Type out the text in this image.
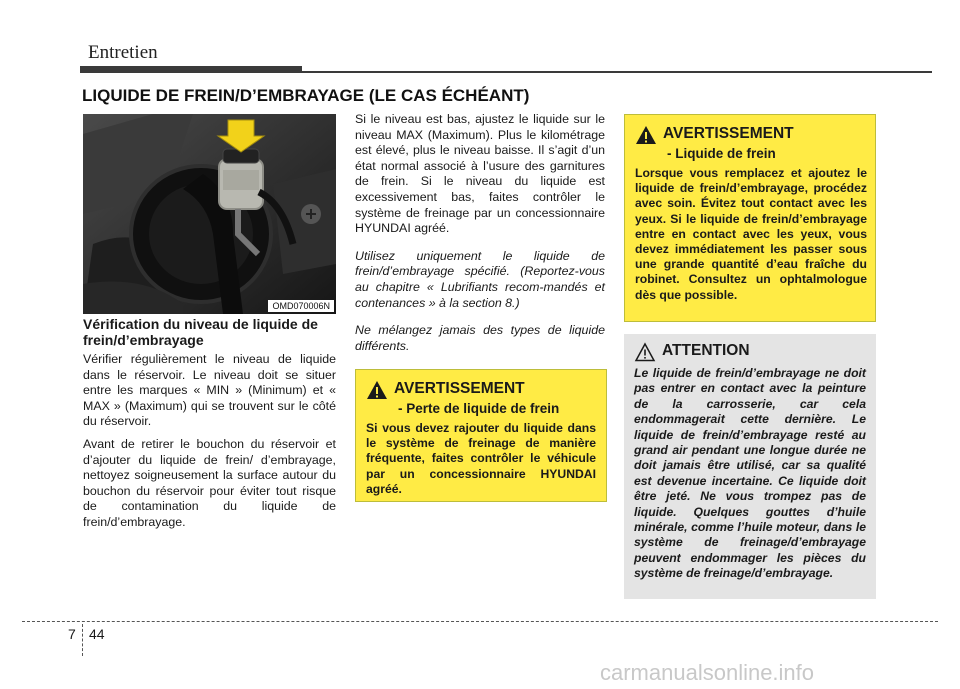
Entretien
LIQUIDE DE FREIN/D’EMBRAYAGE (LE CAS ÉCHÉANT)
OMD070006N
Vérification du niveau de liquide de frein/d’embrayage

Vérifier régulièrement le niveau de liquide dans le réservoir. Le niveau doit se situer entre les marques « MIN » (Minimum) et « MAX » (Maximum) qui se trouvent sur le côté du réservoir.

Avant de retirer le bouchon du réservoir et d’ajouter du liquide de frein/ d’embrayage, nettoyez soigneusement la surface autour du bouchon du réservoir pour éviter tout risque de contamination du liquide de frein/d’embrayage.

Si le niveau est bas, ajustez le liquide sur le niveau MAX (Maximum). Plus le kilométrage est élevé, plus le niveau baisse. Il s’agit d’un état normal associé à l’usure des garnitures de frein. Si le niveau du liquide est excessivement bas, faites contrôler le système de freinage par un concessionnaire HYUNDAI agréé.

Utilisez uniquement le liquide de frein/d’embrayage spécifié. (Reportez-vous au chapitre « Lubrifiants recom-mandés et contenances » à la section 8.)

Ne mélangez jamais des types de liquide différents.

AVERTISSEMENT
- Perte de liquide de frein
Si vous devez rajouter du liquide dans le système de freinage de manière fréquente, faites contrôler le véhicule par un concessionnaire HYUNDAI agréé.
AVERTISSEMENT
- Liquide de frein
Lorsque vous remplacez et ajoutez le liquide de frein/d’embrayage, procédez avec soin. Évitez tout contact avec les yeux. Si le liquide de frein/d’embrayage entre en contact avec les yeux, vous devez immédiatement les passer sous une grande quantité d’eau fraîche du robinet. Consultez un ophtalmologue dès que possible.
ATTENTION
Le liquide de frein/d’embrayage ne doit pas entrer en contact avec la peinture de la carrosserie, car cela endommagerait cette dernière. Le liquide de frein/d’embrayage resté au grand air pendant une longue durée ne doit jamais être utilisé, car sa qualité est devenue incertaine. Ce liquide doit être jeté. Ne vous trompez pas de liquide. Quelques gouttes d’huile minérale, comme l’huile moteur, dans le système de freinage/d’embrayage peuvent endommager les pièces du système de freinage/d’embrayage.
7 44
carmanualsonline.info
